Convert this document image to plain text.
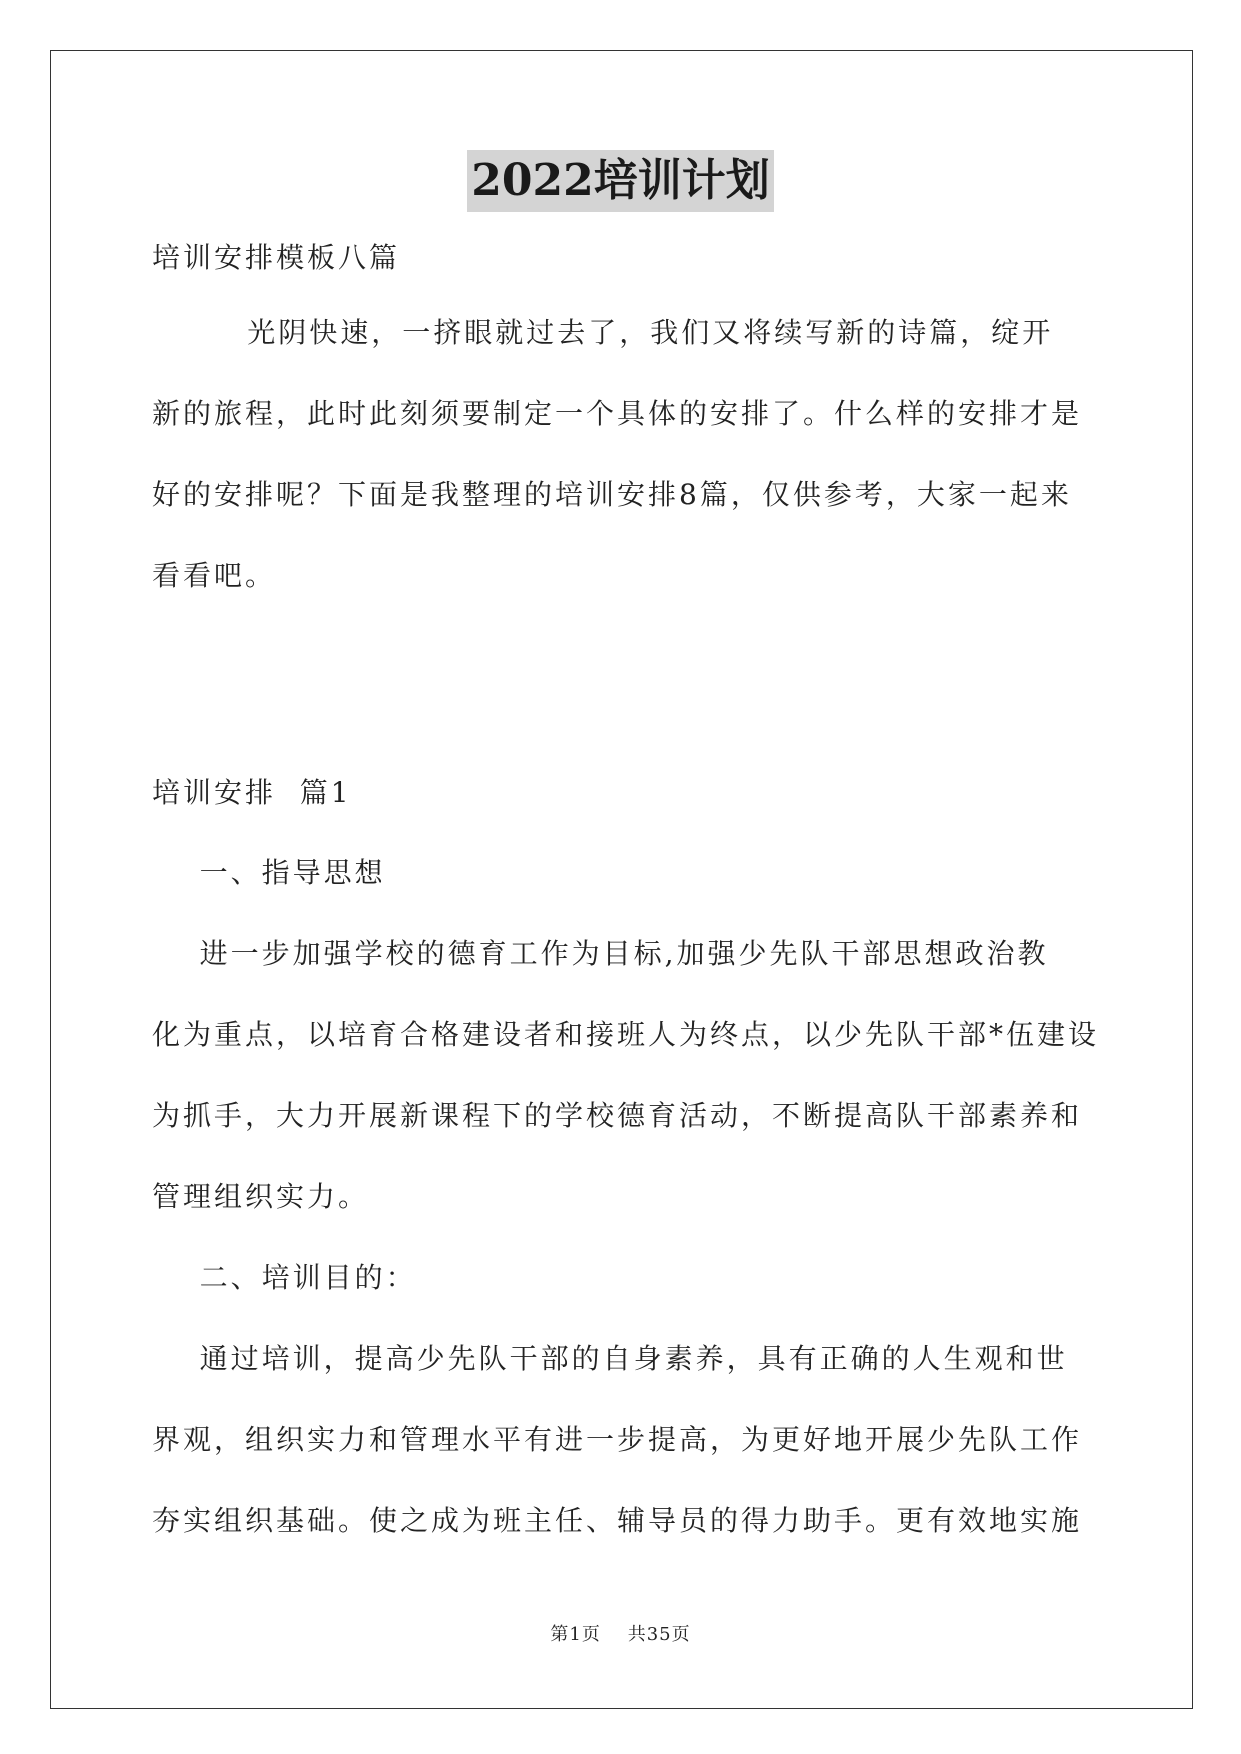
2022培训计划
培训安排模板八篇
光阴快速，一挤眼就过去了，我们又将续写新的诗篇，绽开
新的旅程，此时此刻须要制定一个具体的安排了。什么样的安排才是
好的安排呢？下面是我整理的培训安排8篇，仅供参考，大家一起来
看看吧。
培训安排  篇1
一、指导思想
进一步加强学校的德育工作为目标,加强少先队干部思想政治教
化为重点，以培育合格建设者和接班人为终点，以少先队干部*伍建设
为抓手，大力开展新课程下的学校德育活动，不断提高队干部素养和
管理组织实力。
二、培训目的：
通过培训，提高少先队干部的自身素养，具有正确的人生观和世
界观，组织实力和管理水平有进一步提高，为更好地开展少先队工作
夯实组织基础。使之成为班主任、辅导员的得力助手。更有效地实施
第1页    共35页
